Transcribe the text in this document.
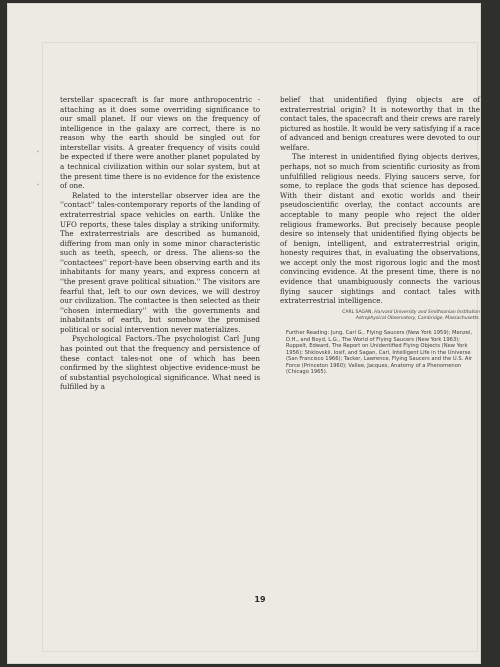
•
•

terstellar spacecraft is far more anthropocentric - attaching as it does some overriding significance to our small planet. If our views on the frequency of intelligence in the galaxy are correct, there is no reason why the earth should be singled out for interstellar visits. A greater frequency of visits could be expected if there were another planet populated by a technical civilization within our solar system, but at the present time there is no evidence for the existence of one.

Related to the interstellar observer idea are the ''contact'' tales-contemporary reports of the landing of extraterrestrial space vehicles on earth. Unlike the UFO reports, these tales display a striking uniformity. The extraterrestrials are described as humanoid, differing from man only in some minor characteristic such as teeth, speech, or dress. The aliens-so the ''contactees'' report-have been observing earth and its inhabitants for many years, and express concern at ''the present grave political situation.'' The visitors are fearful that, left to our own devices, we will destroy our civilization. The contactee is then selected as their ''chosen intermediary'' with the governments and inhabitants of earth, but somehow the promised political or social intervention never materializes.

Psychological Factors.-The psychologist Carl Jung has pointed out that the frequency and persistence of these contact tales-not one of which has been confirmed by the slightest objective evidence-must be of substantial psychological significance. What need is fulfilled by a

belief that unidentified flying objects are of extraterrestrial origin? It is noteworthy that in the contact tales, the spacecraft and their crews are rarely pictured as hostile. It would be very satisfying if a race of advanced and benign creatures were devoted to our welfare.

The interest in unidentified flying objects derives, perhaps, not so much from scientific curiosity as from unfulfilled religious needs. Flying saucers serve, for some, to replace the gods that science has deposed. With their distant and exotic worlds and their pseudoscientific overlay, the contact accounts are acceptable to many people who reject the older religious frameworks. But precisely because people desire so intensely that unidentified flying objects be of benign, intelligent, and extraterrestrial origin, honesty requires that, in evaluating the observations, we accept only the most rigorous logic and the most convincing evidence. At the present time, there is no evidence that unambiguously connects the various flying saucer sightings and contact tales with extraterrestrial intelligence.

CARL SAGAN, Harvard University and Smithsonian Institution
Astrophysical Observatory, Cambridge, Massachusetts.

Further Reading: Jung, Carl G., Flying Saucers (New York 1959); Menzel, D.H., and Boyd, L.G., The World of Flying Saucers (New York 1963); Ruppelt, Edward, The Report on Unidentified Flying Objects (New York 1956); Shklovskii, Iosif, and Sagan, Carl, Intelligent Life in the Universe (San Francisco 1966); Tacker, Lawrence, Flying Saucers and the U.S. Air Force (Princeton 1960); Vallee, Jacques, Anatomy of a Phenomenon (Chicago 1965).

19
